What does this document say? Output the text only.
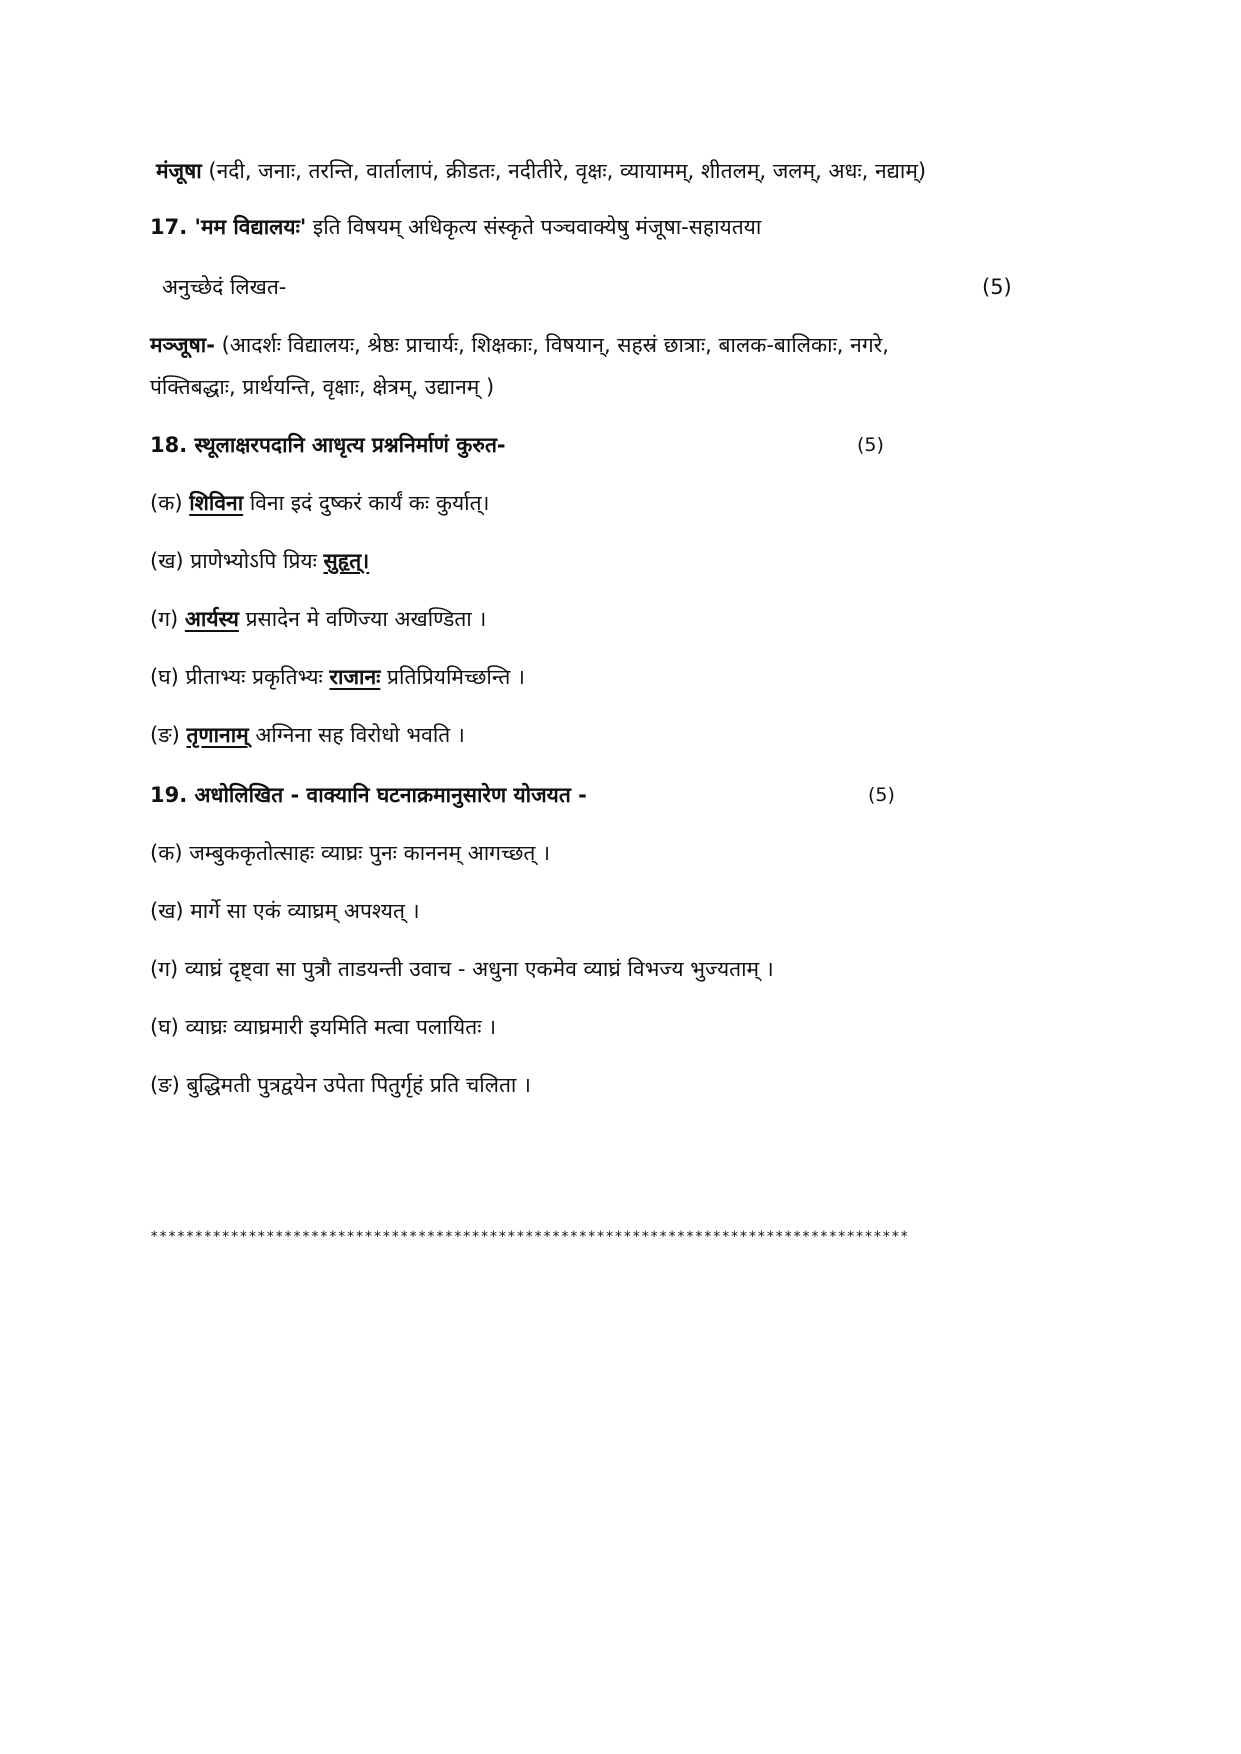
मंजूषा (नदी, जनाः, तरन्ति, वार्तालापं, क्रीडतः, नदीतीरे, वृक्षः, व्यायामम्, शीतलम्, जलम्, अधः, नद्याम्)
17. 'मम विद्यालयः' इति विषयम् अधिकृत्य संस्कृते पञ्चवाक्येषु मंजूषा-सहायतया
अनुच्छेदं लिखत-	(5)
मञ्जूषा- (आदर्शः विद्यालयः, श्रेष्ठः प्राचार्यः, शिक्षकाः, विषयान्, सहस्रं छात्राः, बालक-बालिकाः, नगरे,
पंक्तिबद्धाः, प्रार्थयन्ति, वृक्षाः, क्षेत्रम्, उद्यानम् )
18. स्थूलाक्षरपदानि आधृत्य प्रश्ननिर्माणं कुरुत-	(5)
(क) शिविना विना इदं दुष्करं कार्यं कः कुर्यात्।
(ख) प्राणेभ्योऽपि प्रियः सुहृत्।
(ग) आर्यस्य प्रसादेन मे वणिज्या अखण्डिता ।
(घ) प्रीताभ्यः प्रकृतिभ्यः राजानः प्रतिप्रियमिच्छन्ति ।
(ङ) तृणानाम् अग्निना सह विरोधो भवति ।
19. अधोलिखित - वाक्यानि घटनाक्रमानुसारेण योजयत -	(5)
(क) जम्बुककृतोत्साहः व्याघ्रः पुनः काननम् आगच्छत् ।
(ख) मार्गे सा एकं व्याघ्रम् अपश्यत् ।
(ग) व्याघ्रं दृष्ट्वा सा पुत्रौ ताडयन्ती उवाच - अधुना एकमेव व्याघ्रं विभज्य भुज्यताम् ।
(घ) व्याघ्रः व्याघ्रमारी इयमिति मत्वा पलायितः ।
(ङ) बुद्धिमती पुत्रद्वयेन उपेता पितुर्गृहं प्रति चलिता ।
*************************************************************************************
